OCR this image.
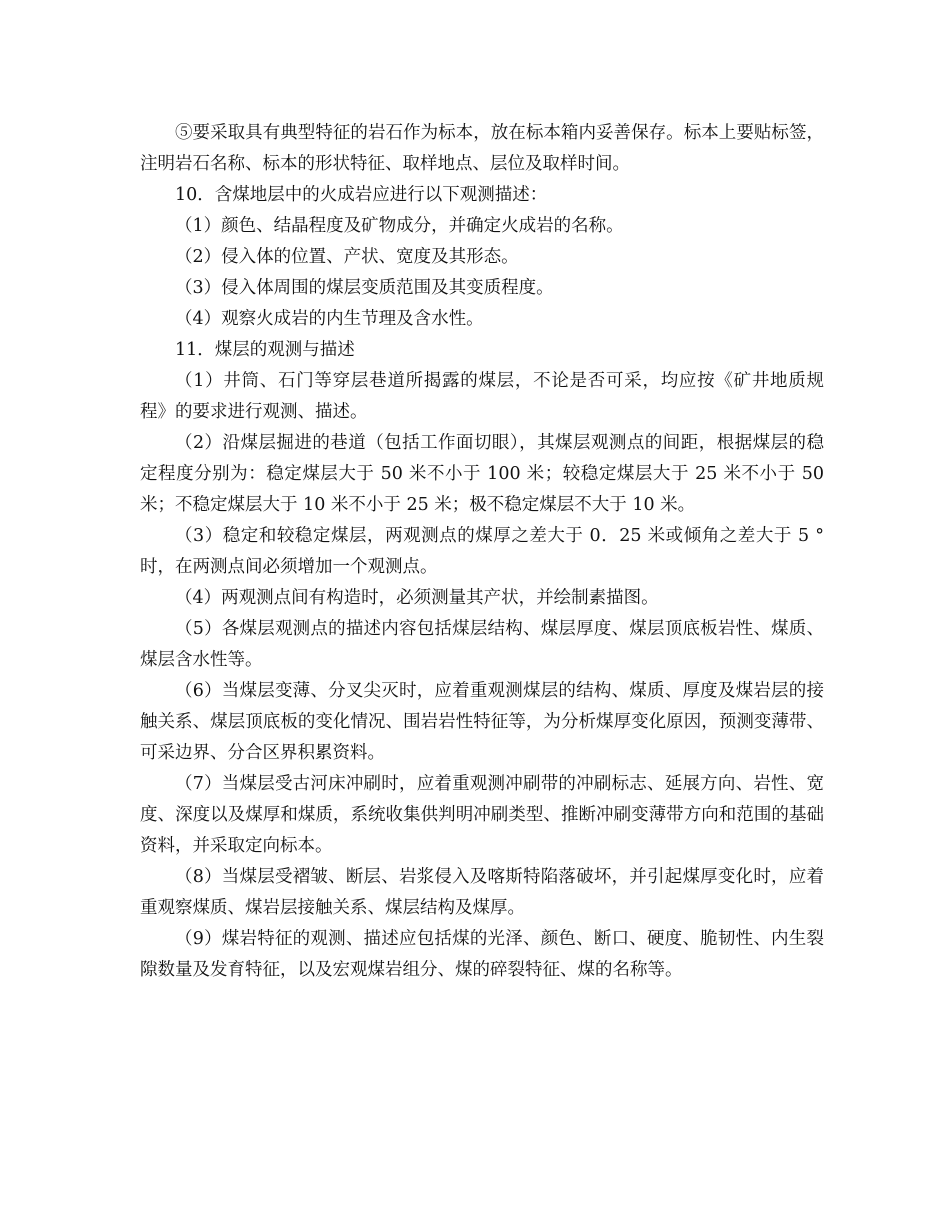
⑤要采取具有典型特征的岩石作为标本，放在标本箱内妥善保存。标本上要贴标签，注明岩石名称、标本的形状特征、取样地点、层位及取样时间。

10．含煤地层中的火成岩应进行以下观测描述：

（1）颜色、结晶程度及矿物成分，并确定火成岩的名称。

（2）侵入体的位置、产状、宽度及其形态。

（3）侵入体周围的煤层变质范围及其变质程度。

（4）观察火成岩的内生节理及含水性。

11．煤层的观测与描述

（1）井筒、石门等穿层巷道所揭露的煤层，不论是否可采，均应按《矿井地质规程》的要求进行观测、描述。

（2）沿煤层掘进的巷道（包括工作面切眼），其煤层观测点的间距，根据煤层的稳定程度分别为：稳定煤层大于 50 米不小于 100 米；较稳定煤层大于 25 米不小于 50 米；不稳定煤层大于 10 米不小于 25 米；极不稳定煤层不大于 10 米。

（3）稳定和较稳定煤层，两观测点的煤厚之差大于 0．25 米或倾角之差大于 5 ° 时，在两测点间必须增加一个观测点。

（4）两观测点间有构造时，必须测量其产状，并绘制素描图。

（5）各煤层观测点的描述内容包括煤层结构、煤层厚度、煤层顶底板岩性、煤质、煤层含水性等。

（6）当煤层变薄、分叉尖灭时，应着重观测煤层的结构、煤质、厚度及煤岩层的接触关系、煤层顶底板的变化情况、围岩岩性特征等，为分析煤厚变化原因，预测变薄带、可采边界、分合区界积累资料。

（7）当煤层受古河床冲刷时，应着重观测冲刷带的冲刷标志、延展方向、岩性、宽度、深度以及煤厚和煤质，系统收集供判明冲刷类型、推断冲刷变薄带方向和范围的基础资料，并采取定向标本。

（8）当煤层受褶皱、断层、岩浆侵入及喀斯特陷落破坏，并引起煤厚变化时，应着重观察煤质、煤岩层接触关系、煤层结构及煤厚。

（9）煤岩特征的观测、描述应包括煤的光泽、颜色、断口、硬度、脆韧性、内生裂隙数量及发育特征，以及宏观煤岩组分、煤的碎裂特征、煤的名称等。
